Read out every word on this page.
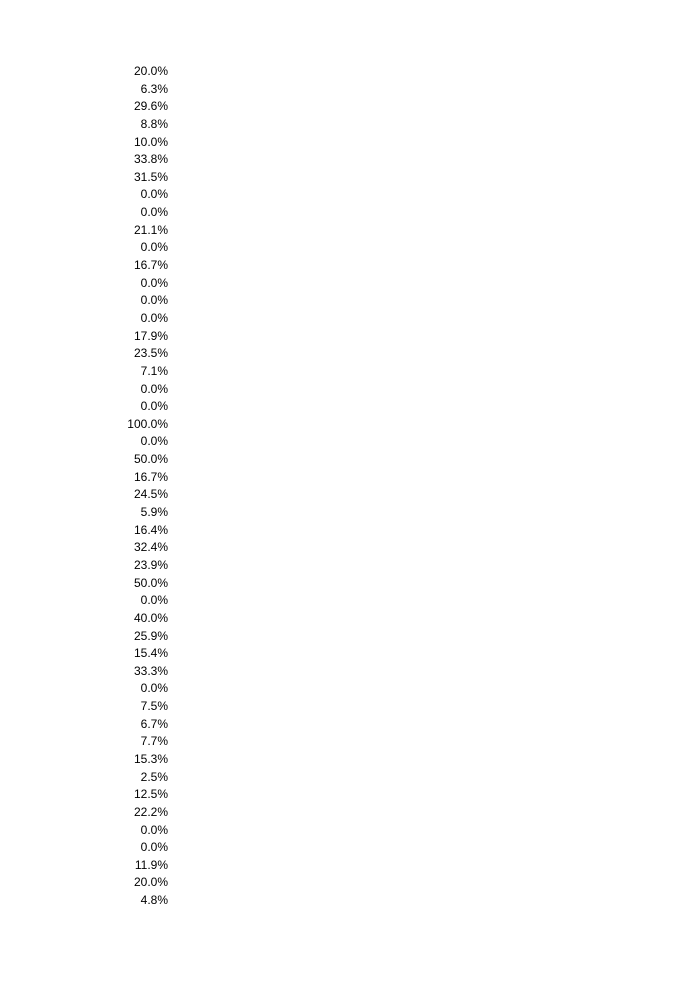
20.0%
6.3%
29.6%
8.8%
10.0%
33.8%
31.5%
0.0%
0.0%
21.1%
0.0%
16.7%
0.0%
0.0%
0.0%
17.9%
23.5%
7.1%
0.0%
0.0%
100.0%
0.0%
50.0%
16.7%
24.5%
5.9%
16.4%
32.4%
23.9%
50.0%
0.0%
40.0%
25.9%
15.4%
33.3%
0.0%
7.5%
6.7%
7.7%
15.3%
2.5%
12.5%
22.2%
0.0%
0.0%
11.9%
20.0%
4.8%
